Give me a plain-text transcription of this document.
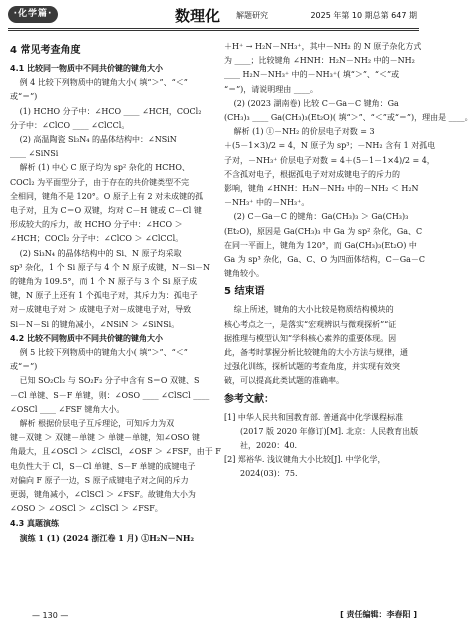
·化学篇·	数理化 解题研究	2025 年第 10 期总第 647 期
4 常见考查角度
4.1 比较同一物质中不同共价键的键角大小
例 4 比较下列物质中的键角大小( 填“＞”、“＜”
或“＝”)
(1) HCHO 分子中：∠HCO ____ ∠HCH，COCl₂
分子中：∠ClCO ____ ∠ClCCl。
(2) 高温陶瓷 Si₃N₄ 的晶体结构中：∠NSiN
____ ∠SiNSi
解析 (1) 中心 C 原子均为 sp² 杂化的 HCHO、
COCl₂ 为平面型分子，由于存在的共价键类型不完
全相同，键角不是 120°。O 原子上有 2 对未成键的孤
电子对，且为 C＝O 双键，均对 C－H 键或 C－Cl 键
形成较大的斥力，故 HCHO 分子中：∠HCO ＞
∠HCH；COCl₂ 分子中：∠ClCO ＞ ∠ClCCl。
(2) Si₃N₄ 的晶体结构中的 Si、N 原子均采取
sp³ 杂化，1 个 Si 原子与 4 个 N 原子成键，N－Si－N
的键角为 109.5°，而 1 个 N 原子与 3 个 Si 原子成
键，N 原子上还有 1 个孤电子对，其斥力为：孤电子
对－成键电子对 ＞ 成键电子对－成键电子对，导致
Si－N－Si 的键角减小，∠NSiN ＞ ∠SiNSi。
4.2 比较不同物质中不同共价键的键角大小
例 5 比较下列物质中的键角大小( 填“＞”、“＜”
或“＝”)
已知 SO₂Cl₂ 与 SO₂F₂ 分子中含有 S＝O 双键、S
－Cl 单键、S－F 单键，则：∠OSO ____ ∠ClSCl ____
∠OSCl ____ ∠FSF 键角大小。
解析 根据价层电子互斥理论，可知斥力为双
键－双键 ＞ 双键－单键 ＞ 单键－单键，知∠OSO 键
角最大，且∠OSCl ＞ ∠ClSCl，∠OSF ＞ ∠FSF，由于 F
电负性大于 Cl，S－Cl 单键、S－F 单键的成键电子
对偏向 F 原子一边，S 原子成键电子对之间的斥力
更弱，键角减小，∠ClSCl ＞ ∠FSF。故键角大小为
∠OSO ＞ ∠OSCl ＞ ∠ClSCl ＞ ∠FSF。
4.3 真题演练
演练 1 (1) (2024 浙江卷 1 月) ①H₂N－NH₂
＋H⁺ → H₂N－NH₃⁺，其中－NH₂ 的 N 原子杂化方式
为 ____；比较键角 ∠HNH：H₂N－NH₂ 中的－NH₂
____ H₂N－NH₃⁺ 中的－NH₃⁺( 填“＞”、“＜”或
“＝”)，请说明理由 ____。
(2) (2023 湖南卷) 比较 C－Ga－C 键角：Ga
(CH₃)₃ ____ Ga(CH₃)₃(Et₂O)( 填“＞”、“＜”或“＝”)，理由是 ____。
解析 (1) ①－NH₂ 的价层电子对数 = 3
＋(5－1×3)/2 = 4，N 原子为 sp³；－NH₂ 含有 1 对孤电
子对，－NH₃⁺ 价层电子对数 = 4＋(5－1－1×4)/2 = 4，
不含孤对电子，根据孤电子对对成键电子的斥力的
影响，键角 ∠HNH：H₂N－NH₂ 中的－NH₂ ＜ H₂N
－NH₃⁺ 中的－NH₃⁺。
(2) C－Ga－C 的键角：Ga(CH₃)₃ ＞ Ga(CH₃)₃
(Et₂O)，原因是 Ga(CH₃)₃ 中 Ga 为 sp² 杂化，Ga、C
在同一平面上，键角为 120°，而 Ga(CH₃)₃(Et₂O) 中
Ga 为 sp³ 杂化，Ga、C、O 为四面体结构，C－Ga－C
键角较小。
5 结束语
综上所述，键角的大小比较是物质结构模块的
核心考点之一，是落实“宏观辨识与微观探析”“证
据推理与模型认知”学科核心素养的重要体现。因
此，备考时掌握分析比较键角的大小方法与规律，通
过强化训练，探析试题的考查角度，并实现有效突
破，可以提高此类试题的准确率。
参考文献：
[1] 中华人民共和国教育部. 普通高中化学课程标准(2017 版 2020 年修订)[M]. 北京：人民教育出版社，2020：40.
[2] 郑裕华. 浅议键角大小比较[J]. 中学化学，2024(03)：75.
— 130 —	[ 责任编辑：李春阳 ]
